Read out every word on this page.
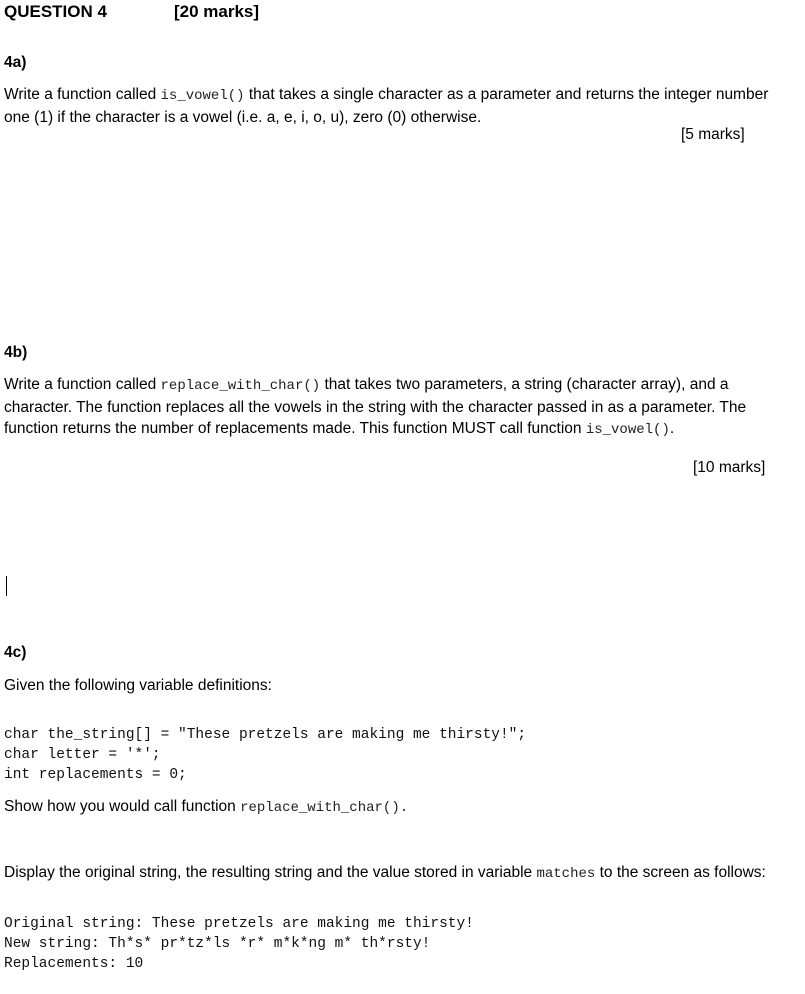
QUESTION 4	[20 marks]
4a)
Write a function called is_vowel() that takes a single character as a parameter and returns the integer number
one (1) if the character is a vowel (i.e. a, e, i, o, u), zero (0) otherwise.
[5 marks]
4b)
Write a function called replace_with_char() that takes two parameters, a string (character array), and a
character. The function replaces all the vowels in the string with the character passed in as a parameter. The
function returns the number of replacements made. This function MUST call function is_vowel().
[10 marks]
4c)
Given the following variable definitions:

char the_string[] = "These pretzels are making me thirsty!";
char letter = '*';
int replacements = 0;

Show how you would call function replace_with_char().
Display the original string, the resulting string and the value stored in variable matches to the screen as follows:

Original string: These pretzels are making me thirsty!
New string: Th*s* pr*tz*ls *r* m*k*ng m* th*rsty!
Replacements: 10
